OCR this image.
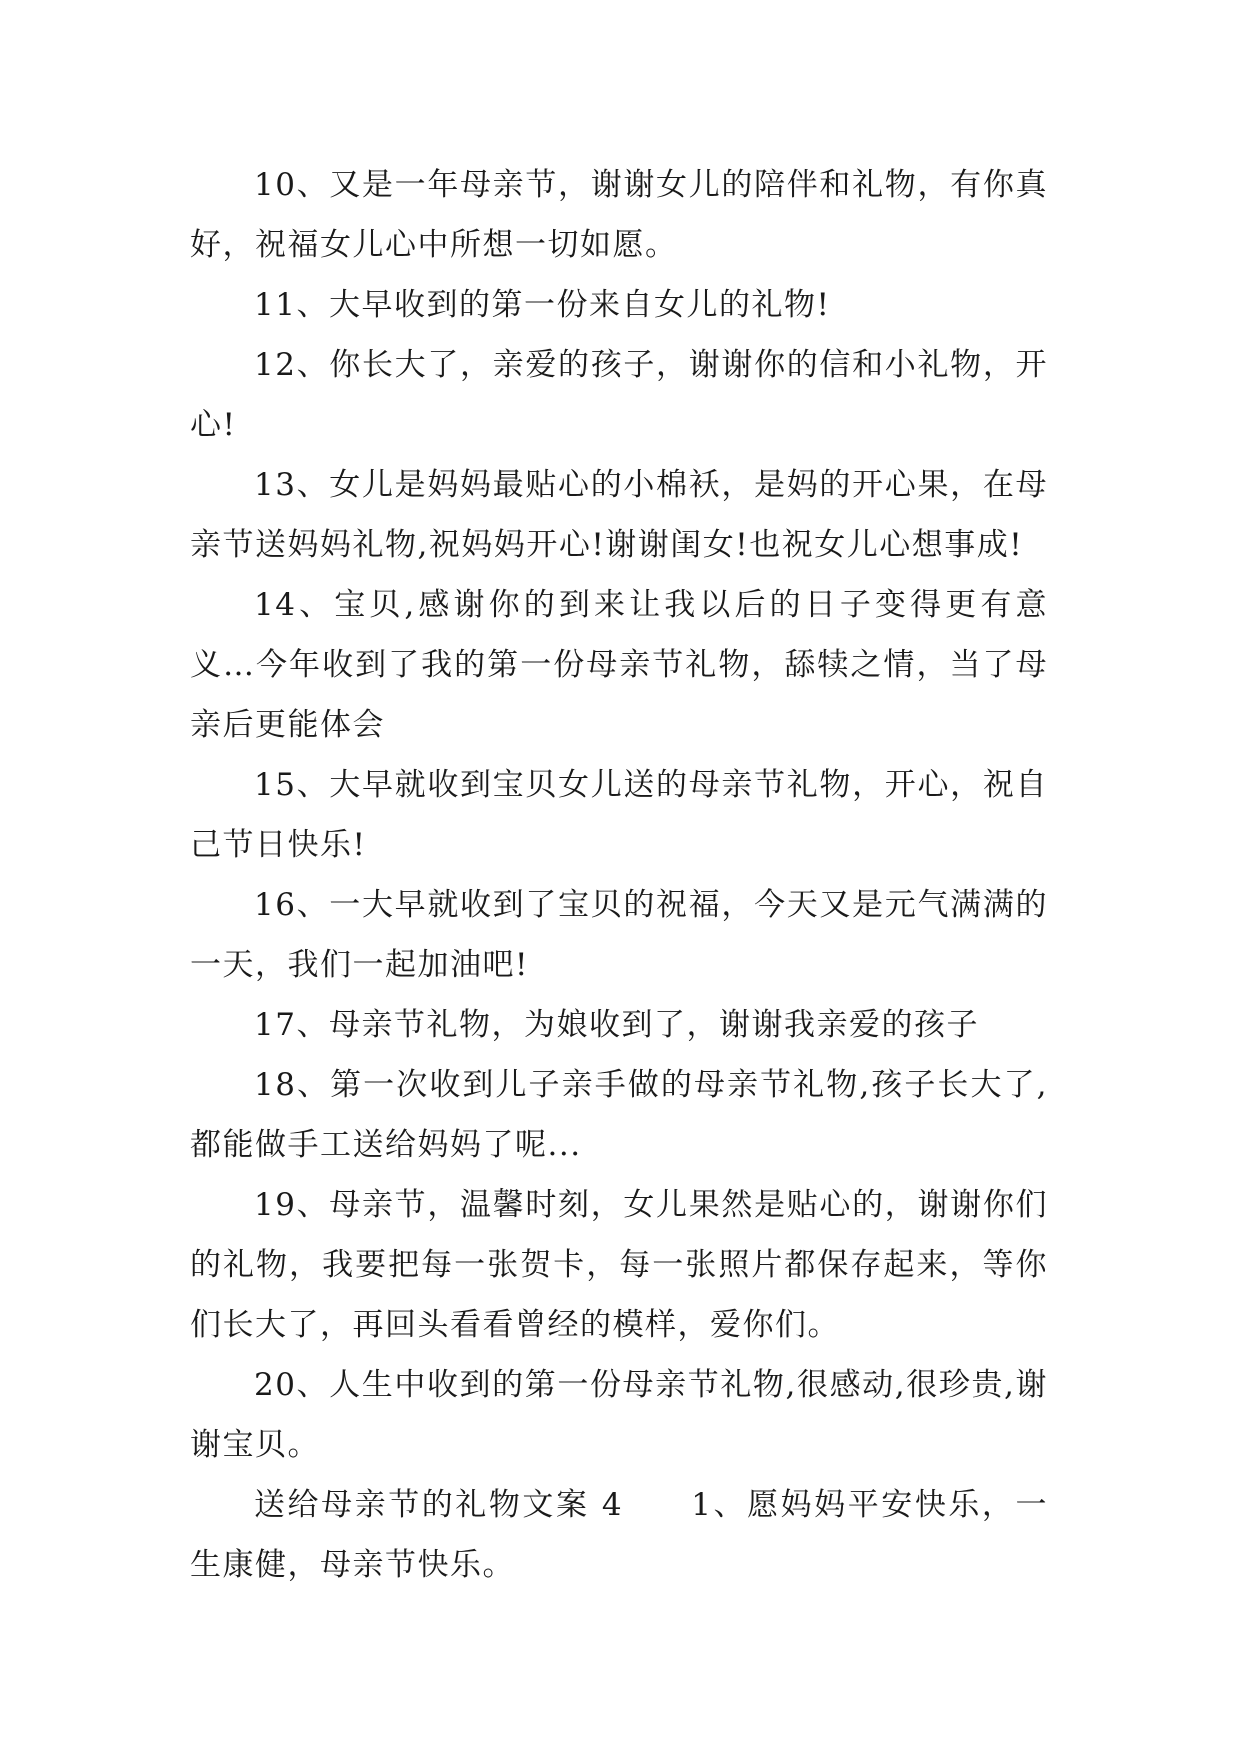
10、又是一年母亲节，谢谢女儿的陪伴和礼物，有你真好，祝福女儿心中所想一切如愿。

11、大早收到的第一份来自女儿的礼物!

12、你长大了，亲爱的孩子，谢谢你的信和小礼物，开心!

13、女儿是妈妈最贴心的小棉袄，是妈的开心果，在母亲节送妈妈礼物,祝妈妈开心!谢谢闺女!也祝女儿心想事成!

14、宝贝,感谢你的到来让我以后的日子变得更有意义…今年收到了我的第一份母亲节礼物，舔犊之情，当了母亲后更能体会

15、大早就收到宝贝女儿送的母亲节礼物，开心，祝自己节日快乐!

16、一大早就收到了宝贝的祝福，今天又是元气满满的一天，我们一起加油吧!

17、母亲节礼物，为娘收到了，谢谢我亲爱的孩子

18、第一次收到儿子亲手做的母亲节礼物,孩子长大了,都能做手工送给妈妈了呢...

19、母亲节，温馨时刻，女儿果然是贴心的，谢谢你们的礼物，我要把每一张贺卡，每一张照片都保存起来，等你们长大了，再回头看看曾经的模样，爱你们。

20、人生中收到的第一份母亲节礼物,很感动,很珍贵,谢谢宝贝。

送给母亲节的礼物文案 4　　1、愿妈妈平安快乐，一生康健，母亲节快乐。
